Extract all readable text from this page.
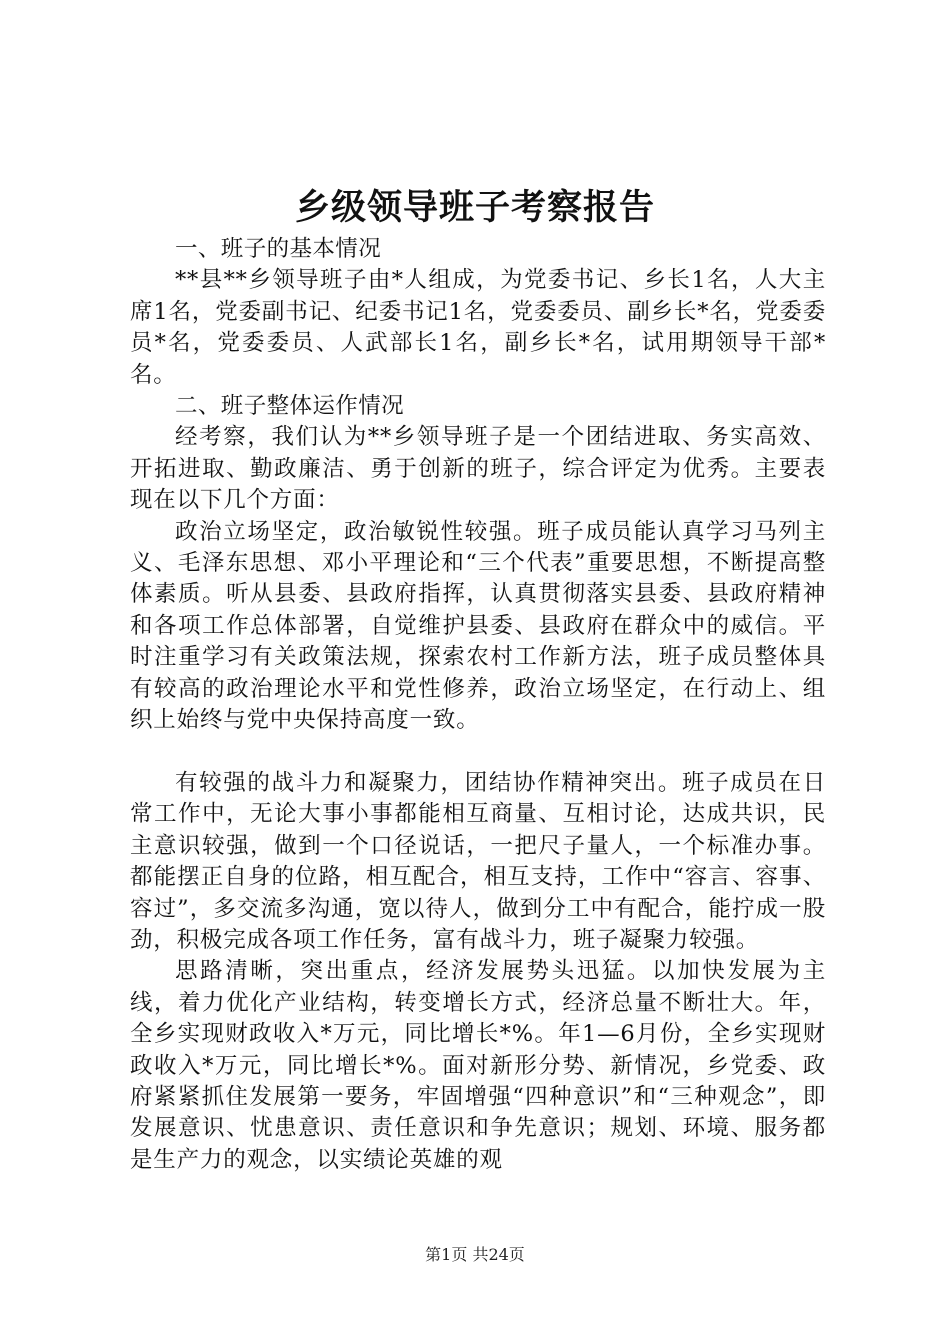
乡级领导班子考察报告

一、班子的基本情况

**县**乡领导班子由*人组成，为党委书记、乡长1名，人大主席1名，党委副书记、纪委书记1名，党委委员、副乡长*名，党委委员*名，党委委员、人武部长1名，副乡长*名，试用期领导干部*名。

二、班子整体运作情况

经考察，我们认为**乡领导班子是一个团结进取、务实高效、开拓进取、勤政廉洁、勇于创新的班子，综合评定为优秀。主要表现在以下几个方面：

政治立场坚定，政治敏锐性较强。班子成员能认真学习马列主义、毛泽东思想、邓小平理论和“三个代表”重要思想，不断提高整体素质。听从县委、县政府指挥，认真贯彻落实县委、县政府精神和各项工作总体部署，自觉维护县委、县政府在群众中的威信。平时注重学习有关政策法规，探索农村工作新方法，班子成员整体具有较高的政治理论水平和党性修养，政治立场坚定，在行动上、组织上始终与党中央保持高度一致。

有较强的战斗力和凝聚力，团结协作精神突出。班子成员在日常工作中，无论大事小事都能相互商量、互相讨论，达成共识，民主意识较强，做到一个口径说话，一把尺子量人，一个标准办事。都能摆正自身的位路，相互配合，相互支持，工作中“容言、容事、容过”，多交流多沟通，宽以待人，做到分工中有配合，能拧成一股劲，积极完成各项工作任务，富有战斗力，班子凝聚力较强。

思路清晰，突出重点，经济发展势头迅猛。以加快发展为主线，着力优化产业结构，转变增长方式，经济总量不断壮大。年，全乡实现财政收入*万元，同比增长*%。年1—6月份，全乡实现财政收入*万元，同比增长*%。面对新形分势、新情况，乡党委、政府紧紧抓住发展第一要务，牢固增强“四种意识”和“三种观念”，即发展意识、忧患意识、责任意识和争先意识；规划、环境、服务都是生产力的观念，以实绩论英雄的观

第1页 共24页
